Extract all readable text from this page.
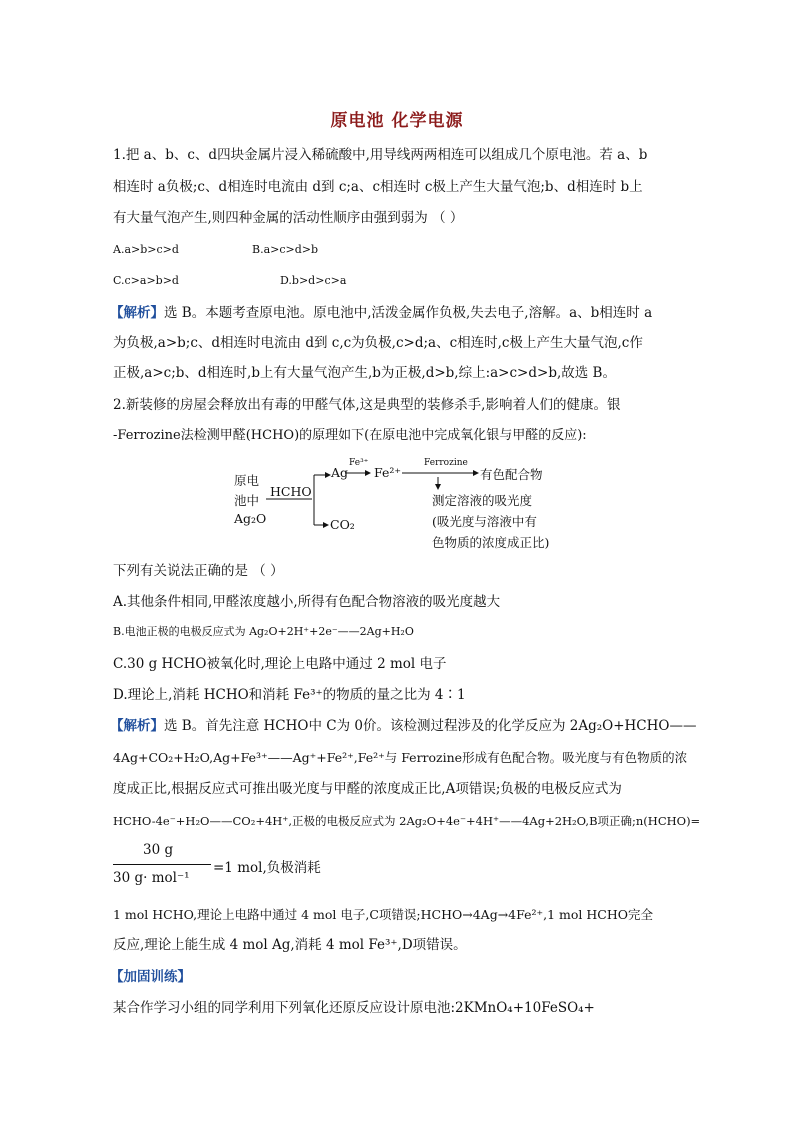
原电池 化学电源
1.把 a、b、c、d四块金属片浸入稀硫酸中,用导线两两相连可以组成几个原电池。若 a、b
相连时 a负极;c、d相连时电流由 d到 c;a、c相连时 c极上产生大量气泡;b、d相连时 b上
有大量气泡产生,则四种金属的活动性顺序由强到弱为 （ ）
A.a>b>c>d	B.a>c>d>b
C.c>a>b>d	D.b>d>c>a
【解析】选 B。本题考查原电池。原电池中,活泼金属作负极,失去电子,溶解。a、b相连时 a
为负极,a>b;c、d相连时电流由 d到 c,c为负极,c>d;a、c相连时,c极上产生大量气泡,c作
正极,a>c;b、d相连时,b上有大量气泡产生,b为正极,d>b,综上:a>c>d>b,故选 B。
2.新装修的房屋会释放出有毒的甲醛气体,这是典型的装修杀手,影响着人们的健康。银
-Ferrozine法检测甲醛(HCHO)的原理如下(在原电池中完成氧化银与甲醛的反应):
原电
池中
Ag₂O
HCHO
Ag
Fe³⁺
Fe²⁺
Ferrozine
有色配合物
CO₂
测定溶液的吸光度
(吸光度与溶液中有
色物质的浓度成正比)
下列有关说法正确的是 （ ）
A.其他条件相同,甲醛浓度越小,所得有色配合物溶液的吸光度越大
B.电池正极的电极反应式为 Ag₂O+2H⁺+2e⁻——2Ag+H₂O
C.30 g HCHO被氧化时,理论上电路中通过 2 mol 电子
D.理论上,消耗 HCHO和消耗 Fe³⁺的物质的量之比为 4∶1
【解析】选 B。首先注意 HCHO中 C为 0价。该检测过程涉及的化学反应为 2Ag₂O+HCHO——
4Ag+CO₂+H₂O,Ag+Fe³⁺——Ag⁺+Fe²⁺,Fe²⁺与 Ferrozine形成有色配合物。吸光度与有色物质的浓
度成正比,根据反应式可推出吸光度与甲醛的浓度成正比,A项错误;负极的电极反应式为
HCHO-4e⁻+H₂O——CO₂+4H⁺,正极的电极反应式为 2Ag₂O+4e⁻+4H⁺——4Ag+2H₂O,B项正确;n(HCHO)=
30 g
30 g· mol⁻¹
=1 mol,负极消耗
1 mol HCHO,理论上电路中通过 4 mol 电子,C项错误;HCHO→4Ag→4Fe²⁺,1 mol HCHO完全
反应,理论上能生成 4 mol Ag,消耗 4 mol Fe³⁺,D项错误。
【加固训练】
某合作学习小组的同学利用下列氧化还原反应设计原电池:2KMnO₄+10FeSO₄+
